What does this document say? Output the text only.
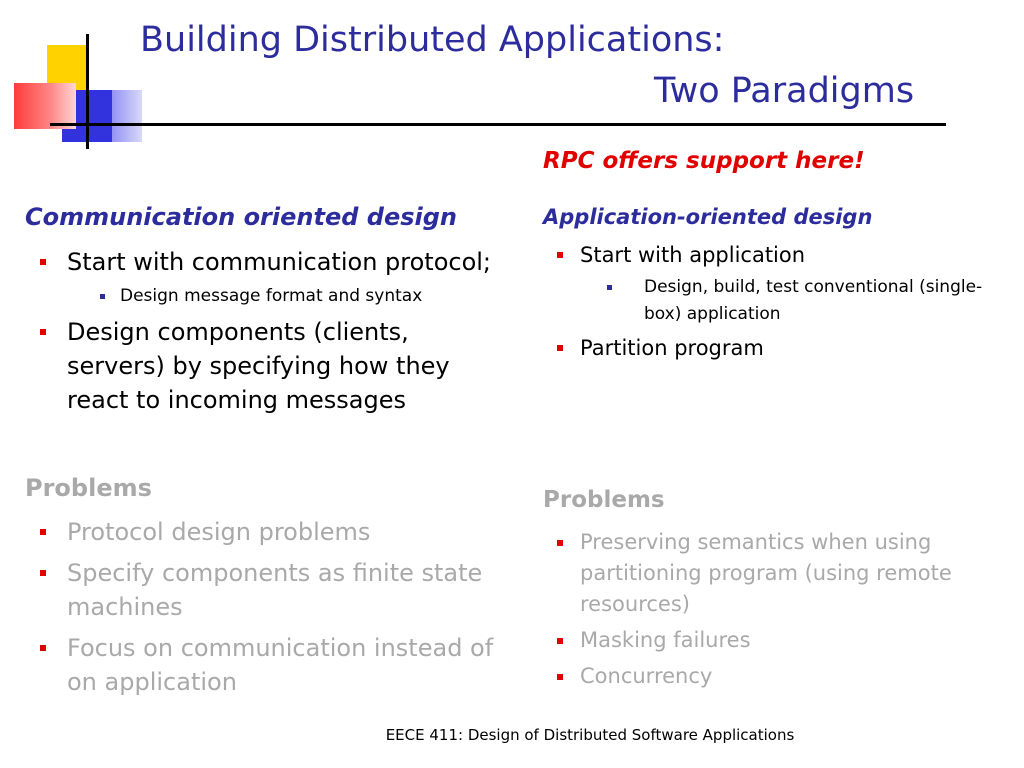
Building Distributed Applications:
Two Paradigms
RPC offers support here!
Communication oriented design
Start with communication protocol;
Design message format and syntax
Design components (clients, servers) by specifying how they react to incoming messages
Problems
Protocol design problems
Specify components as finite state machines
Focus on communication instead of on application
Application-oriented design
Start with application
Design, build, test conventional (single-box) application
Partition program
Problems
Preserving semantics when using partitioning program (using remote resources)
Masking failures
Concurrency
EECE 411: Design of Distributed Software Applications
